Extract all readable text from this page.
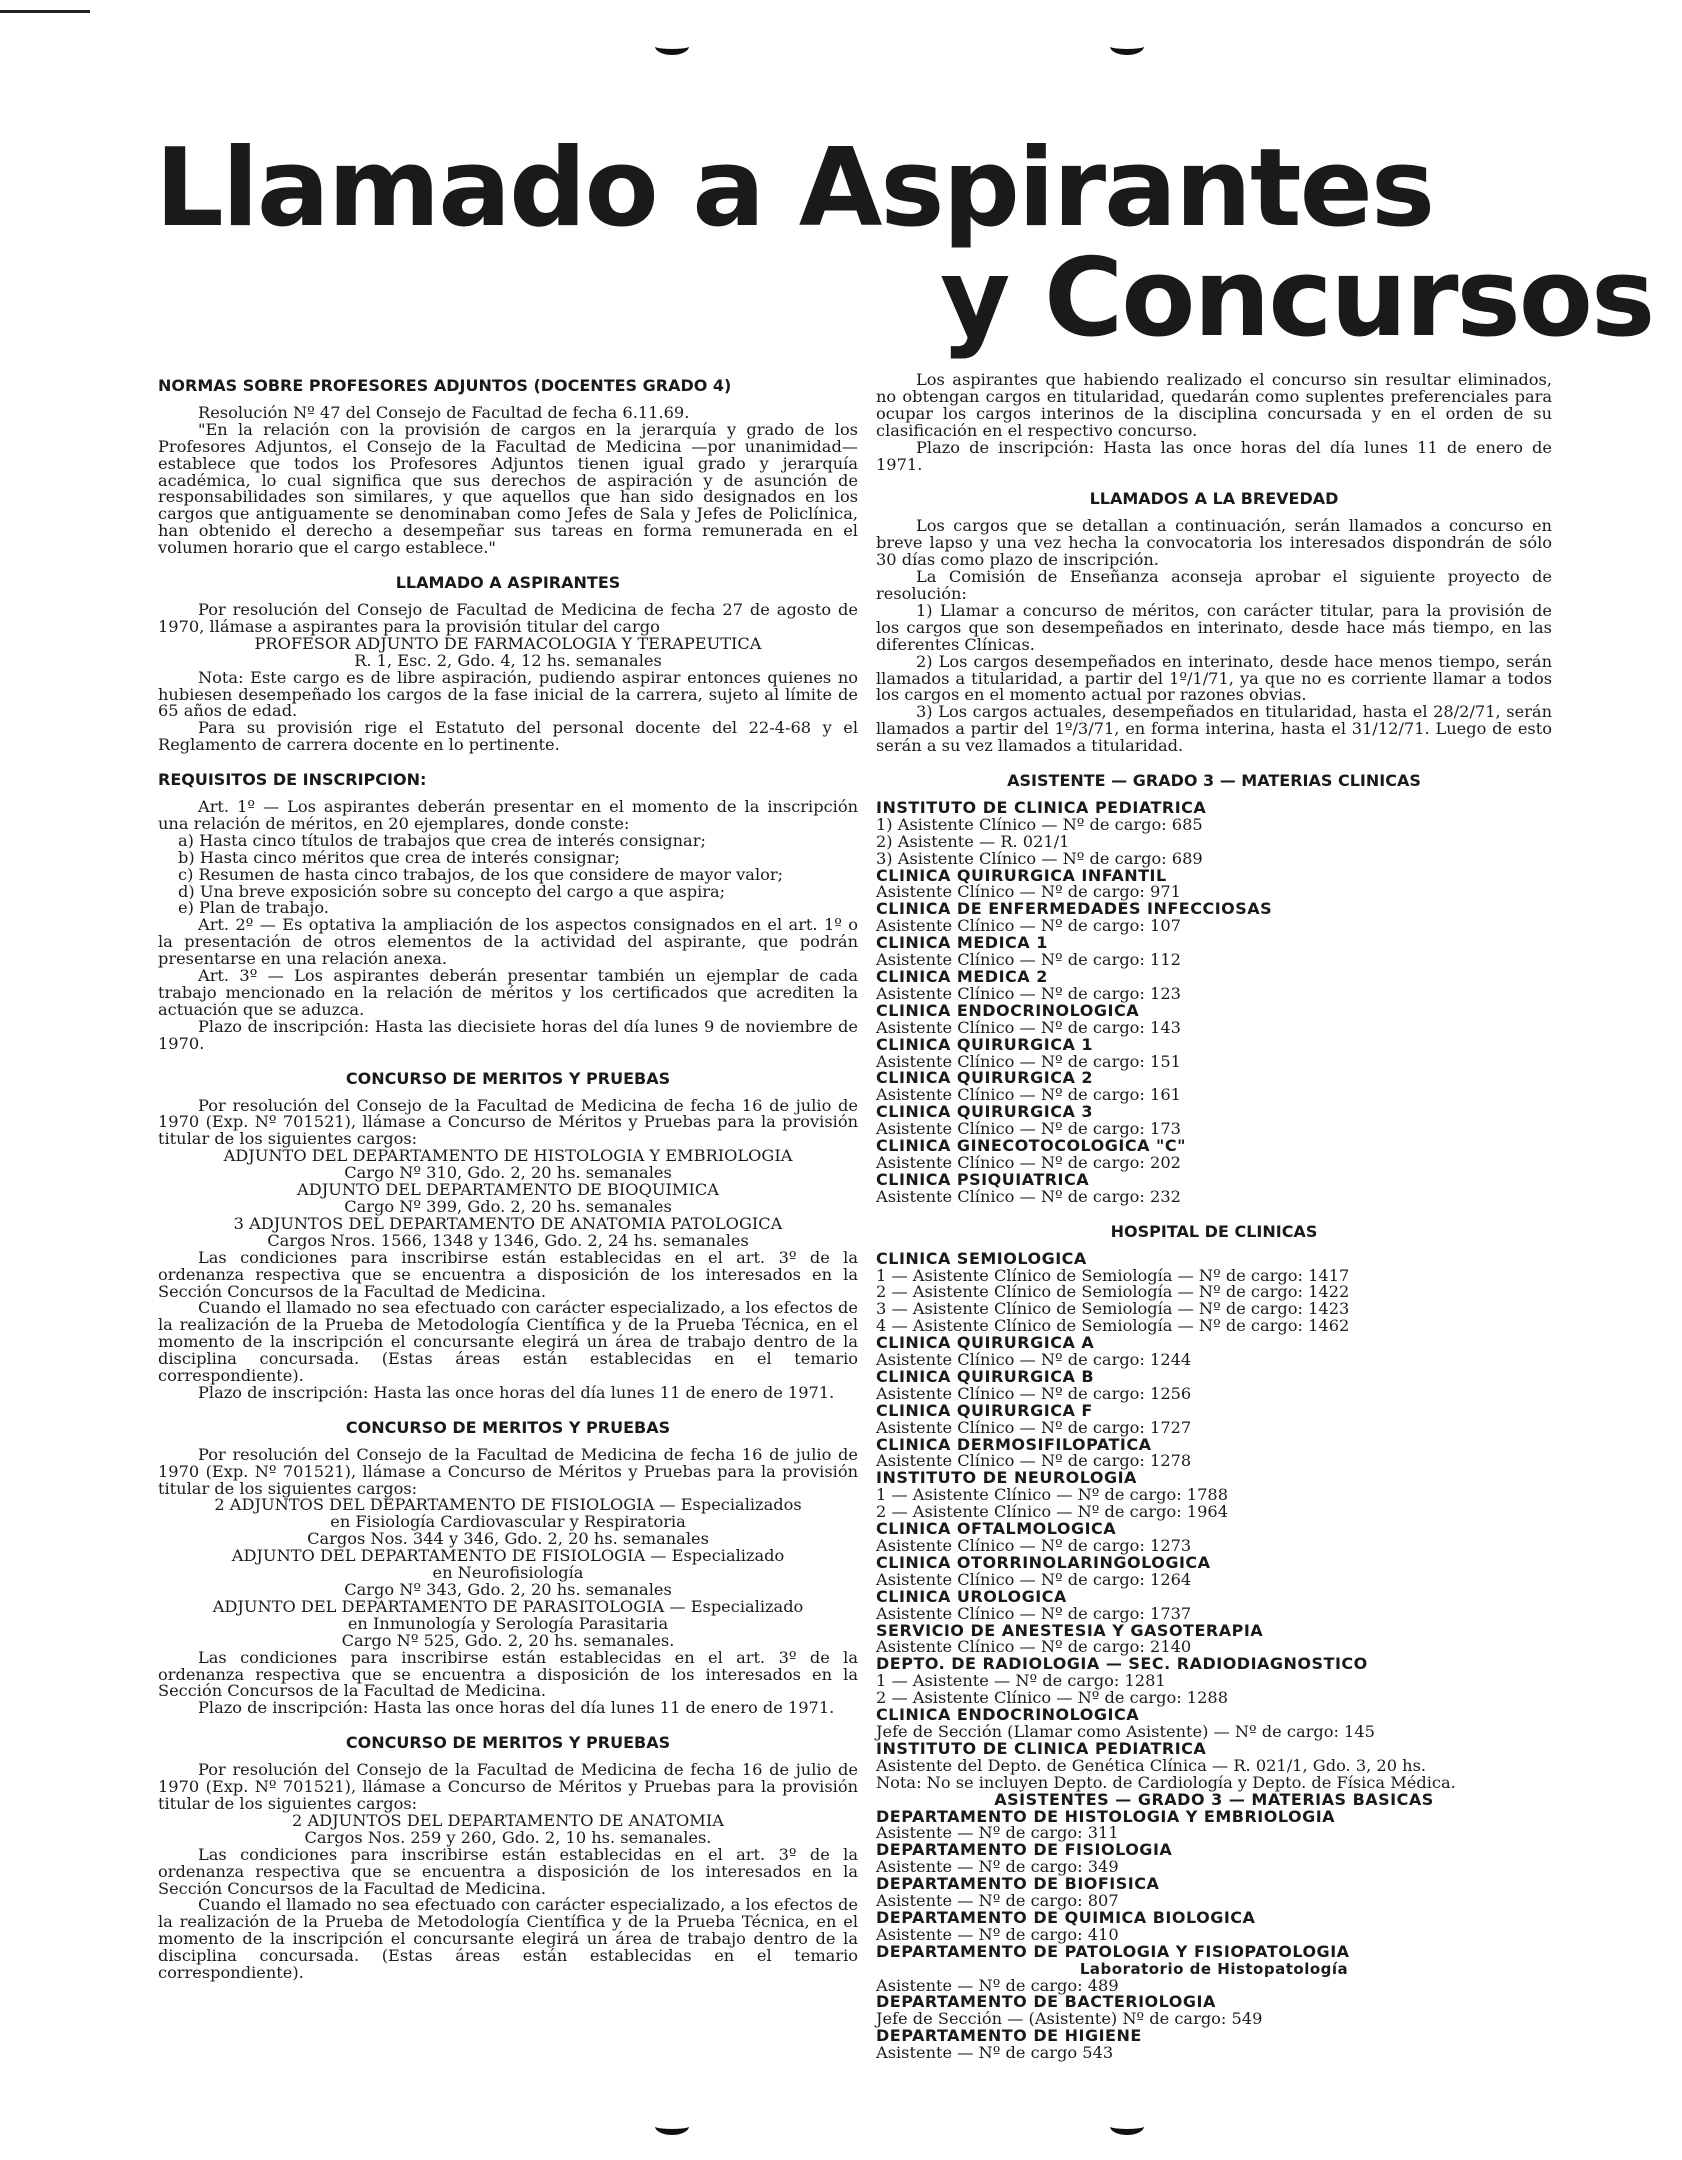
Llamado a Aspirantes
y Concursos
NORMAS SOBRE PROFESORES ADJUNTOS (DOCENTES GRADO 4)

Resolución Nº 47 del Consejo de Facultad de fecha 6.11.69.

"En la relación con la provisión de cargos en la jerarquía y grado de los Profesores Adjuntos, el Consejo de la Facultad de Medicina —por unanimidad— establece que todos los Profesores Adjuntos tienen igual grado y jerarquía académica, lo cual significa que sus derechos de aspiración y de asunción de responsabilidades son similares, y que aquellos que han sido designados en los cargos que antiguamente se denominaban como Jefes de Sala y Jefes de Policlínica, han obtenido el derecho a desempeñar sus tareas en forma remunerada en el volumen horario que el cargo establece."

LLAMADO A ASPIRANTES

Por resolución del Consejo de Facultad de Medicina de fecha 27 de agosto de 1970, llámase a aspirantes para la provisión titular del cargo

PROFESOR ADJUNTO DE FARMACOLOGIA Y TERAPEUTICA

R. 1, Esc. 2, Gdo. 4, 12 hs. semanales

Nota: Este cargo es de libre aspiración, pudiendo aspirar entonces quienes no hubiesen desempeñado los cargos de la fase inicial de la carrera, sujeto al límite de 65 años de edad.

Para su provisión rige el Estatuto del personal docente del 22-4-68 y el Reglamento de carrera docente en lo pertinente.

REQUISITOS DE INSCRIPCION:

Art. 1º — Los aspirantes deberán presentar en el momento de la inscripción una relación de méritos, en 20 ejemplares, donde conste:

a) Hasta cinco títulos de trabajos que crea de interés consignar;

b) Hasta cinco méritos que crea de interés consignar;

c) Resumen de hasta cinco trabajos, de los que considere de mayor valor;

d) Una breve exposición sobre su concepto del cargo a que aspira;

e) Plan de trabajo.

Art. 2º — Es optativa la ampliación de los aspectos consignados en el art. 1º o la presentación de otros elementos de la actividad del aspirante, que podrán presentarse en una relación anexa.

Art. 3º — Los aspirantes deberán presentar también un ejemplar de cada trabajo mencionado en la relación de méritos y los certificados que acrediten la actuación que se aduzca.

Plazo de inscripción: Hasta las diecisiete horas del día lunes 9 de noviembre de 1970.

CONCURSO DE MERITOS Y PRUEBAS

Por resolución del Consejo de la Facultad de Medicina de fecha 16 de julio de 1970 (Exp. Nº 701521), llámase a Concurso de Méritos y Pruebas para la provisión titular de los siguientes cargos:

ADJUNTO DEL DEPARTAMENTO DE HISTOLOGIA Y EMBRIOLOGIA

Cargo Nº 310, Gdo. 2, 20 hs. semanales

ADJUNTO DEL DEPARTAMENTO DE BIOQUIMICA

Cargo Nº 399, Gdo. 2, 20 hs. semanales

3 ADJUNTOS DEL DEPARTAMENTO DE ANATOMIA PATOLOGICA

Cargos Nros. 1566, 1348 y 1346, Gdo. 2, 24 hs. semanales

Las condiciones para inscribirse están establecidas en el art. 3º de la ordenanza respectiva que se encuentra a disposición de los interesados en la Sección Concursos de la Facultad de Medicina.

Cuando el llamado no sea efectuado con carácter especializado, a los efectos de la realización de la Prueba de Metodología Científica y de la Prueba Técnica, en el momento de la inscripción el concursante elegirá un área de trabajo dentro de la disciplina concursada. (Estas áreas están establecidas en el temario correspondiente).

Plazo de inscripción: Hasta las once horas del día lunes 11 de enero de 1971.

CONCURSO DE MERITOS Y PRUEBAS

Por resolución del Consejo de la Facultad de Medicina de fecha 16 de julio de 1970 (Exp. Nº 701521), llámase a Concurso de Méritos y Pruebas para la provisión titular de los siguientes cargos:

2 ADJUNTOS DEL DEPARTAMENTO DE FISIOLOGIA — Especializados

en Fisiología Cardiovascular y Respiratoria

Cargos Nos. 344 y 346, Gdo. 2, 20 hs. semanales

ADJUNTO DEL DEPARTAMENTO DE FISIOLOGIA — Especializado

en Neurofisiología

Cargo Nº 343, Gdo. 2, 20 hs. semanales

ADJUNTO DEL DEPARTAMENTO DE PARASITOLOGIA — Especializado

en Inmunología y Serología Parasitaria

Cargo Nº 525, Gdo. 2, 20 hs. semanales.

Las condiciones para inscribirse están establecidas en el art. 3º de la ordenanza respectiva que se encuentra a disposición de los interesados en la Sección Concursos de la Facultad de Medicina.

Plazo de inscripción: Hasta las once horas del día lunes 11 de enero de 1971.

CONCURSO DE MERITOS Y PRUEBAS

Por resolución del Consejo de la Facultad de Medicina de fecha 16 de julio de 1970 (Exp. Nº 701521), llámase a Concurso de Méritos y Pruebas para la provisión titular de los siguientes cargos:

2 ADJUNTOS DEL DEPARTAMENTO DE ANATOMIA

Cargos Nos. 259 y 260, Gdo. 2, 10 hs. semanales.

Las condiciones para inscribirse están establecidas en el art. 3º de la ordenanza respectiva que se encuentra a disposición de los interesados en la Sección Concursos de la Facultad de Medicina.

Cuando el llamado no sea efectuado con carácter especializado, a los efectos de la realización de la Prueba de Metodología Científica y de la Prueba Técnica, en el momento de la inscripción el concursante elegirá un área de trabajo dentro de la disciplina concursada. (Estas áreas están establecidas en el temario correspondiente).

Los aspirantes que habiendo realizado el concurso sin resultar eliminados, no obtengan cargos en titularidad, quedarán como suplentes preferenciales para ocupar los cargos interinos de la disciplina concursada y en el orden de su clasificación en el respectivo concurso.

Plazo de inscripción: Hasta las once horas del día lunes 11 de enero de 1971.

LLAMADOS A LA BREVEDAD

Los cargos que se detallan a continuación, serán llamados a concurso en breve lapso y una vez hecha la convocatoria los interesados dispondrán de sólo 30 días como plazo de inscripción.

La Comisión de Enseñanza aconseja aprobar el siguiente proyecto de resolución:

1) Llamar a concurso de méritos, con carácter titular, para la provisión de los cargos que son desempeñados en interinato, desde hace más tiempo, en las diferentes Clínicas.

2) Los cargos desempeñados en interinato, desde hace menos tiempo, serán llamados a titularidad, a partir del 1º/1/71, ya que no es corriente llamar a todos los cargos en el momento actual por razones obvias.

3) Los cargos actuales, desempeñados en titularidad, hasta el 28/2/71, serán llamados a partir del 1º/3/71, en forma interina, hasta el 31/12/71. Luego de esto serán a su vez llamados a titularidad.

ASISTENTE — GRADO 3 — MATERIAS CLINICAS

INSTITUTO DE CLINICA PEDIATRICA

1) Asistente Clínico — Nº de cargo: 685

2) Asistente — R. 021/1

3) Asistente Clínico — Nº de cargo: 689

CLINICA QUIRURGICA INFANTIL

Asistente Clínico — Nº de cargo: 971

CLINICA DE ENFERMEDADES INFECCIOSAS

Asistente Clínico — Nº de cargo: 107

CLINICA MEDICA 1

Asistente Clínico — Nº de cargo: 112

CLINICA MEDICA 2

Asistente Clínico — Nº de cargo: 123

CLINICA ENDOCRINOLOGICA

Asistente Clínico — Nº de cargo: 143

CLINICA QUIRURGICA 1

Asistente Clínico — Nº de cargo: 151

CLINICA QUIRURGICA 2

Asistente Clínico — Nº de cargo: 161

CLINICA QUIRURGICA 3

Asistente Clínico — Nº de cargo: 173

CLINICA GINECOTOCOLOGICA "C"

Asistente Clínico — Nº de cargo: 202

CLINICA PSIQUIATRICA

Asistente Clínico — Nº de cargo: 232

HOSPITAL DE CLINICAS

CLINICA SEMIOLOGICA

1 — Asistente Clínico de Semiología — Nº de cargo: 1417

2 — Asistente Clínico de Semiología — Nº de cargo: 1422

3 — Asistente Clínico de Semiología — Nº de cargo: 1423

4 — Asistente Clínico de Semiología — Nº de cargo: 1462

CLINICA QUIRURGICA A

Asistente Clínico — Nº de cargo: 1244

CLINICA QUIRURGICA B

Asistente Clínico — Nº de cargo: 1256

CLINICA QUIRURGICA F

Asistente Clínico — Nº de cargo: 1727

CLINICA DERMOSIFILOPATICA

Asistente Clínico — Nº de cargo: 1278

INSTITUTO DE NEUROLOGIA

1 — Asistente Clínico — Nº de cargo: 1788

2 — Asistente Clínico — Nº de cargo: 1964

CLINICA OFTALMOLOGICA

Asistente Clínico — Nº de cargo: 1273

CLINICA OTORRINOLARINGOLOGICA

Asistente Clínico — Nº de cargo: 1264

CLINICA UROLOGICA

Asistente Clínico — Nº de cargo: 1737

SERVICIO DE ANESTESIA Y GASOTERAPIA

Asistente Clínico — Nº de cargo: 2140

DEPTO. DE RADIOLOGIA — SEC. RADIODIAGNOSTICO

1 — Asistente — Nº de cargo: 1281

2 — Asistente Clínico — Nº de cargo: 1288

CLINICA ENDOCRINOLOGICA

Jefe de Sección (Llamar como Asistente) — Nº de cargo: 145

INSTITUTO DE CLINICA PEDIATRICA

Asistente del Depto. de Genética Clínica — R. 021/1, Gdo. 3, 20 hs.

Nota: No se incluyen Depto. de Cardiología y Depto. de Física Médica.

ASISTENTES — GRADO 3 — MATERIAS BASICAS

DEPARTAMENTO DE HISTOLOGIA Y EMBRIOLOGIA

Asistente — Nº de cargo: 311

DEPARTAMENTO DE FISIOLOGIA

Asistente — Nº de cargo: 349

DEPARTAMENTO DE BIOFISICA

Asistente — Nº de cargo: 807

DEPARTAMENTO DE QUIMICA BIOLOGICA

Asistente — Nº de cargo: 410

DEPARTAMENTO DE PATOLOGIA Y FISIOPATOLOGIA

Laboratorio de Histopatología

Asistente — Nº de cargo: 489

DEPARTAMENTO DE BACTERIOLOGIA

Jefe de Sección — (Asistente) Nº de cargo: 549

DEPARTAMENTO DE HIGIENE

Asistente — Nº de cargo 543
